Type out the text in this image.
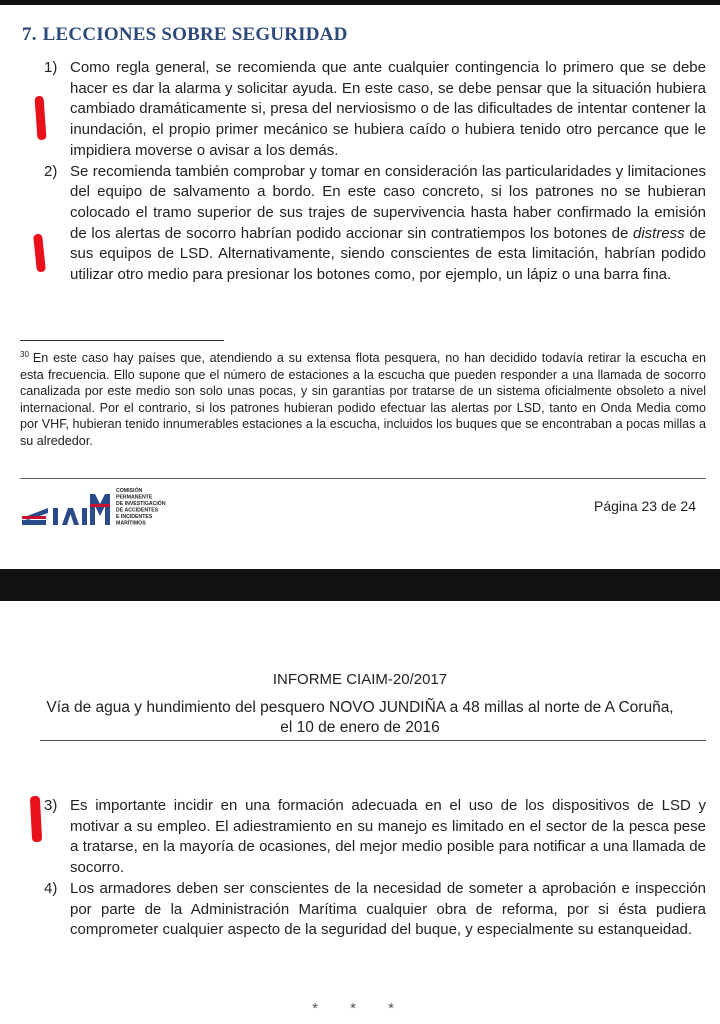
7. LECCIONES SOBRE SEGURIDAD
1) Como regla general, se recomienda que ante cualquier contingencia lo primero que se debe hacer es dar la alarma y solicitar ayuda. En este caso, se debe pensar que la situación hubiera cambiado dramáticamente si, presa del nerviosismo o de las dificultades de intentar contener la inundación, el propio primer mecánico se hubiera caído o hubiera tenido otro percance que le impidiera moverse o avisar a los demás.
2) Se recomienda también comprobar y tomar en consideración las particularidades y limitaciones del equipo de salvamento a bordo. En este caso concreto, si los patrones no se hubieran colocado el tramo superior de sus trajes de supervivencia hasta haber confirmado la emisión de los alertas de socorro habrían podido accionar sin contratiempos los botones de distress de sus equipos de LSD. Alternativamente, siendo conscientes de esta limitación, habrían podido utilizar otro medio para presionar los botones como, por ejemplo, un lápiz o una barra fina.
$^{30}$ En este caso hay países que, atendiendo a su extensa flota pesquera, no han decidido todavía retirar la escucha en esta frecuencia. Ello supone que el número de estaciones a la escucha que pueden responder a una llamada de socorro canalizada por este medio son solo unas pocas, y sin garantías por tratarse de un sistema oficialmente obsoleto a nivel internacional. Por el contrario, si los patrones hubieran podido efectuar las alertas por LSD, tanto en Onda Media como por VHF, hubieran tenido innumerables estaciones a la escucha, incluidos los buques que se encontraban a pocas millas a su alrededor.
COMISIÓN
PERMANENTE
DE INVESTIGACIÓN
DE ACCIDENTES
E INCIDENTES
MARÍTIMOS
Página 23 de 24
INFORME CIAIM-20/2017
Vía de agua y hundimiento del pesquero NOVO JUNDIÑA a 48 millas al norte de A Coruña, el 10 de enero de 2016
3) Es importante incidir en una formación adecuada en el uso de los dispositivos de LSD y motivar a su empleo. El adiestramiento en su manejo es limitado en el sector de la pesca pese a tratarse, en la mayoría de ocasiones, del mejor medio posible para notificar a una llamada de socorro.
4) Los armadores deben ser conscientes de la necesidad de someter a aprobación e inspección por parte de la Administración Marítima cualquier obra de reforma, por si ésta pudiera comprometer cualquier aspecto de la seguridad del buque, y especialmente su estanqueidad.
* * *
